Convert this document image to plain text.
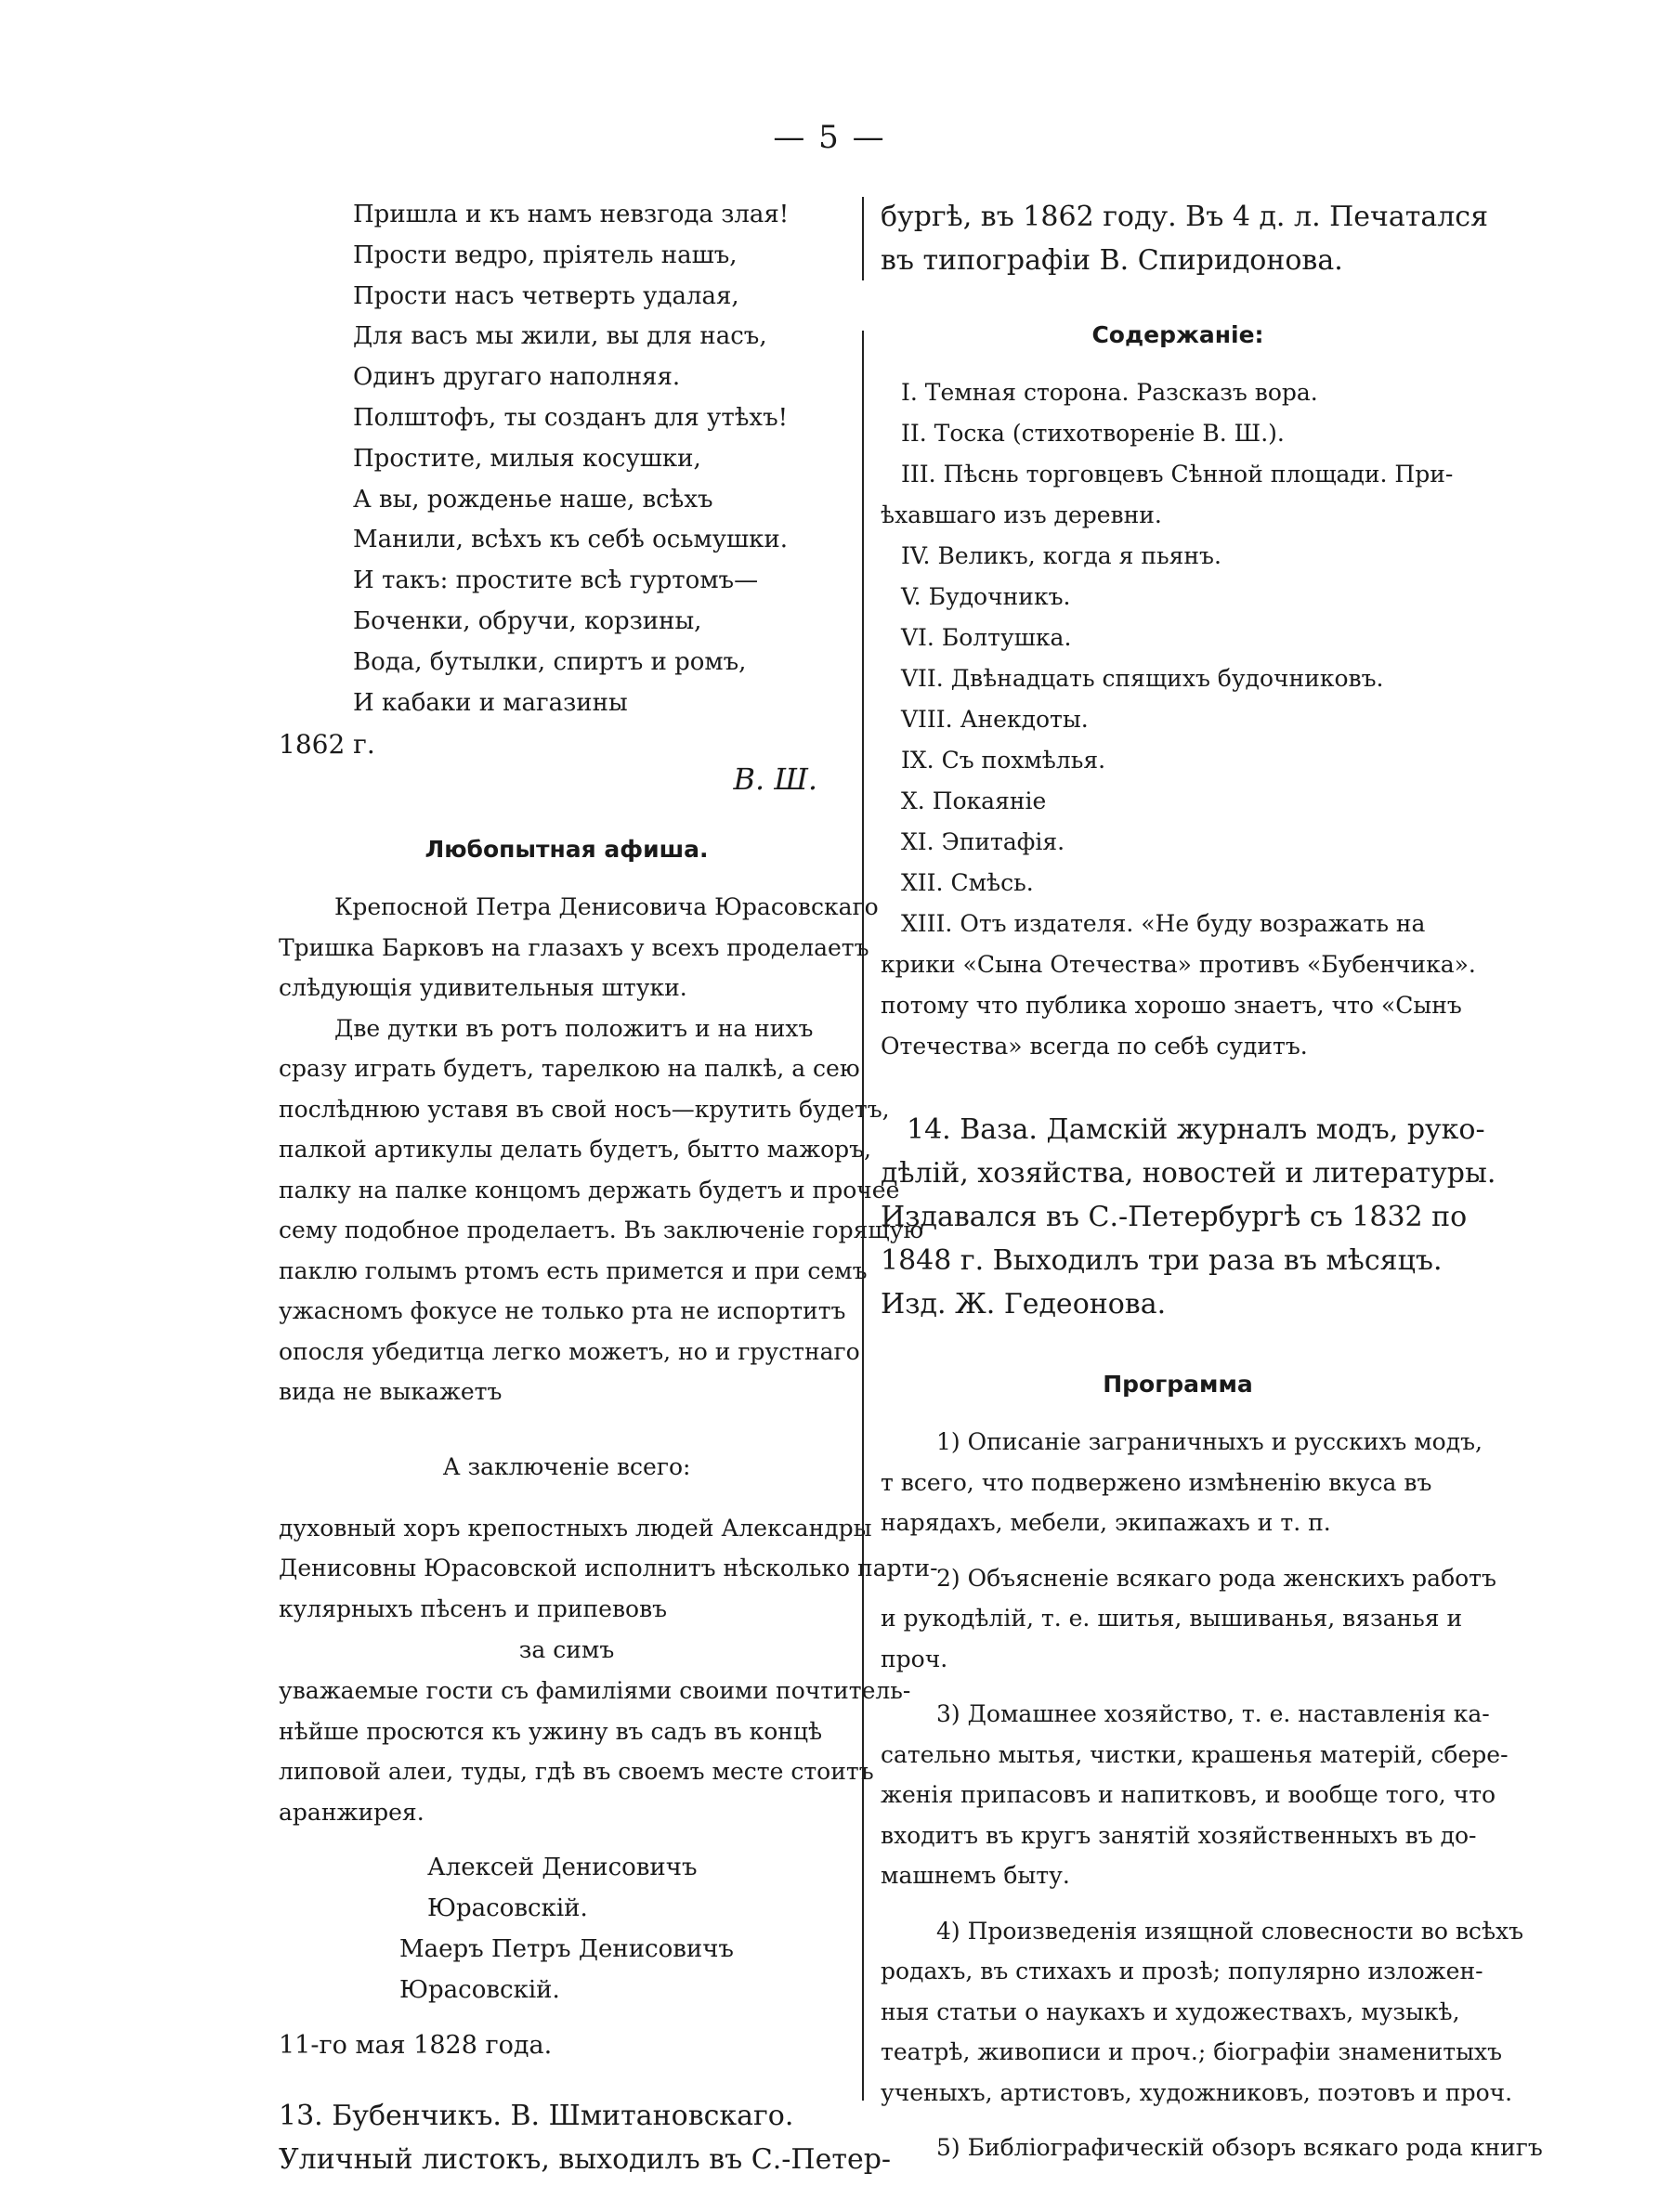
— 5 —
Пришла и къ намъ невзгода злая!
Прости ведро, пріятель нашъ,
Прости насъ четверть удалая,
Для васъ мы жили, вы для насъ,
Одинъ другаго наполняя.
Полштофъ, ты созданъ для утѣхъ!
Простите, милыя косушки,
А вы, рожденье наше, всѣхъ
Манили, всѣхъ къ себѣ осьмушки.
И такъ: простите всѣ гуртомъ—
Боченки, обручи, корзины,
Вода, бутылки, спиртъ и ромъ,
И кабаки и магазины
1862 г.
В. Ш.
Любопытная афиша.
Крепосной Петра Денисовича Юрасовскаго
Тришка Барковъ на глазахъ у всехъ проделаетъ
слѣдующія удивительныя штуки.
Две дутки въ ротъ положитъ и на нихъ
сразу играть будетъ, тарелкою на палкѣ, а сею
послѣднюю уставя въ свой носъ—крутить будетъ,
палкой артикулы делать будетъ, бытто мажоръ,
палку на палке концомъ держать будетъ и прочее
сему подобное проделаетъ. Въ заключеніе горящую
паклю голымъ ртомъ есть примется и при семъ
ужасномъ фокусе не только рта не испортитъ
опосля убедитца легко можетъ, но и грустнаго
вида не выкажетъ
А заключеніе всего:
духовный хоръ крепостныхъ людей Александры
Денисовны Юрасовской исполнитъ нѣсколько парти-
кулярныхъ пѣсенъ и припевовъ
за симъ
уважаемые гости съ фамиліями своими почтитель-
нѣйше просются къ ужину въ садъ въ концѣ
липовой алеи, туды, гдѣ въ своемъ месте стоитъ
аранжирея.
Алексей Денисовичъ Юрасовскій.
Маеръ Петръ Денисовичъ Юрасовскій.
11-го мая 1828 года.
13. Бубенчикъ. В. Шмитановскаго.
Уличный листокъ, выходилъ въ С.-Петер-
бургѣ, въ 1862 году. Въ 4 д. л. Печатался
въ типографіи В. Спиридонова.
Содержаніе:
I. Темная сторона. Разсказъ вора.
II. Тоска (стихотвореніе В. Ш.).
III. Пѣснь торговцевъ Сѣнной площади. При-
ѣхавшаго изъ деревни.
IV. Великъ, когда я пьянъ.
V. Будочникъ.
VI. Болтушка.
VII. Двѣнадцать спящихъ будочниковъ.
VIII. Анекдоты.
IX. Съ похмѣлья.
X. Покаяніе
XI. Эпитафія.
XII. Смѣсь.
XIII. Отъ издателя. «Не буду возражать на
крики «Сына Отечества» противъ «Бубенчика».
потому что публика хорошо знаетъ, что «Сынъ
Отечества» всегда по себѣ судитъ.
14. Ваза. Дамскій журналъ модъ, руко-
дѣлій, хозяйства, новостей и литературы.
Издавался въ С.-Петербургѣ съ 1832 по
1848 г. Выходилъ три раза въ мѣсяцъ.
Изд. Ж. Гедеонова.
Программа
1) Описаніе заграничныхъ и русскихъ модъ,
т всего, что подвержено измѣненію вкуса въ
нарядахъ, мебели, экипажахъ и т. п.
2) Объясненіе всякаго рода женскихъ работъ
и рукодѣлій, т. е. шитья, вышиванья, вязанья и
проч.
3) Домашнее хозяйство, т. е. наставленія ка-
сательно мытья, чистки, крашенья матерій, сбере-
женія припасовъ и напитковъ, и вообще того, что
входитъ въ кругъ занятій хозяйственныхъ въ до-
машнемъ быту.
4) Произведенія изящной словесности во всѣхъ
родахъ, въ стихахъ и прозѣ; популярно изложен-
ныя статьи о наукахъ и художествахъ, музыкѣ,
театрѣ, живописи и проч.; біографіи знаменитыхъ
ученыхъ, артистовъ, художниковъ, поэтовъ и проч.
5) Библіографическій обзоръ всякаго рода книгъ
